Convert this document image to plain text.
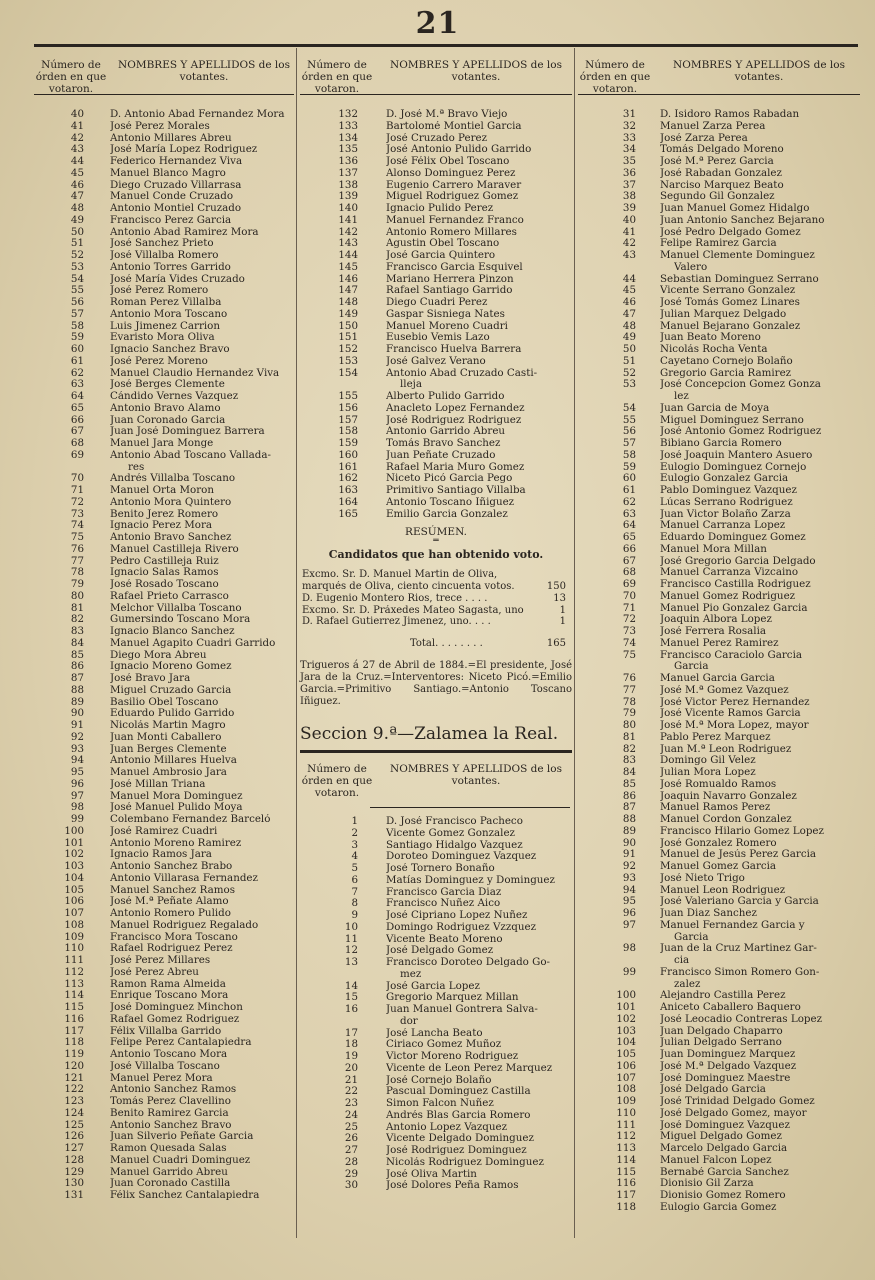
21
Número de órden en que votaron.
NOMBRES Y APELLIDOS de los votantes.
40	D. Antonio Abad Fernandez Mora
41	José Perez Morales
42	Antonio Millares Abreu
43	José María Lopez Rodriguez
44	Federico Hernandez Viva
45	Manuel Blanco Magro
46	Diego Cruzado Villarrasa
47	Manuel Conde Cruzado
48	Antonio Montiel Cruzado
49	Francisco Perez Garcia
50	Antonio Abad Ramirez Mora
51	José Sanchez Prieto
52	José Villalba Romero
53	Antonio Torres Garrido
54	José María Vides Cruzado
55	José Perez Romero
56	Roman Perez Villalba
57	Antonio Mora Toscano
58	Luis Jimenez Carrion
59	Evaristo Mora Oliva
60	Ignacio Sanchez Bravo
61	José Perez Moreno
62	Manuel Claudio Hernandez Viva
63	José Berges Clemente
64	Cándido Vernes Vazquez
65	Antonio Bravo Alamo
66	Juan Coronado Garcia
67	Juan José Dominguez Barrera
68	Manuel Jara Monge
69	Antonio Abad Toscano Vallada-
res
70	Andrés Villalba Toscano
71	Manuel Orta Moron
72	Antonio Mora Quintero
73	Benito Jerez Romero
74	Ignacio Perez Mora
75	Antonio Bravo Sanchez
76	Manuel Castilleja Rivero
77	Pedro Castilleja Ruiz
78	Ignacio Salas Ramos
79	José Rosado Toscano
80	Rafael Prieto Carrasco
81	Melchor Villalba Toscano
82	Gumersindo Toscano Mora
83	Ignacio Blanco Sanchez
84	Manuel Agapito Cuadri Garrido
85	Diego Mora Abreu
86	Ignacio Moreno Gomez
87	José Bravo Jara
88	Miguel Cruzado Garcia
89	Basilio Obel Toscano
90	Eduardo Pulido Garrido
91	Nicolás Martin Magro
92	Juan Monti Caballero
93	Juan Berges Clemente
94	Antonio Millares Huelva
95	Manuel Ambrosio Jara
96	José Millan Triana
97	Manuel Mora Dominguez
98	José Manuel Pulido Moya
99	Colembano Fernandez Barceló
100	José Ramirez Cuadri
101	Antonio Moreno Ramirez
102	Ignacio Ramos Jara
103	Antonio Sanchez Brabo
104	Antonio Villarasa Fernandez
105	Manuel Sanchez Ramos
106	José M.ª Peñate Alamo
107	Antonio Romero Pulido
108	Manuel Rodriguez Regalado
109	Francisco Mora Toscano
110	Rafael Rodriguez Perez
111	José Perez Millares
112	José Perez Abreu
113	Ramon Rama Almeida
114	Enrique Toscano Mora
115	José Dominguez Minchon
116	Rafael Gomez Rodriguez
117	Félix Villalba Garrido
118	Felipe Perez Cantalapiedra
119	Antonio Toscano Mora
120	José Villalba Toscano
121	Manuel Perez Mora
122	Antonio Sanchez Ramos
123	Tomás Perez Clavellino
124	Benito Ramirez Garcia
125	Antonio Sanchez Bravo
126	Juan Silverio Peñate Garcia
127	Ramon Quesada Salas
128	Manuel Cuadri Dominguez
129	Manuel Garrido Abreu
130	Juan Coronado Castilla
131	Félix Sanchez Cantalapiedra
Número de órden en que votaron.
NOMBRES Y APELLIDOS de los votantes.
132	D. José M.ª Bravo Viejo
133	Bartolomé Montiel Garcia
134	José Cruzado Perez
135	José Antonio Pulido Garrido
136	José Félix Obel Toscano
137	Alonso Dominguez Perez
138	Eugenio Carrero Maraver
139	Miguel Rodriguez Gomez
140	Ignacio Pulido Perez
141	Manuel Fernandez Franco
142	Antonio Romero Millares
143	Agustin Obel Toscano
144	José Garcia Quintero
145	Francisco Garcia Esquivel
146	Mariano Herrera Pinzon
147	Rafael Santiago Garrido
148	Diego Cuadri Perez
149	Gaspar Sisniega Nates
150	Manuel Moreno Cuadri
151	Eusebio Vemis Lazo
152	Francisco Huelva Barrera
153	José Galvez Verano
154	Antonio Abad Cruzado Casti-
lleja
155	Alberto Pulido Garrido
156	Anacleto Lopez Fernandez
157	José Rodriguez Rodriguez
158	Antonio Garrido Abreu
159	Tomás Bravo Sanchez
160	Juan Peñate Cruzado
161	Rafael Maria Muro Gomez
162	Niceto Picó Garcia Pego
163	Primitivo Santiago Villalba
164	Antonio Toscano Iñiguez
165	Emilio Garcia Gonzalez
RESÚMEN.
═
Candidatos que han obtenido voto.
Excmo. Sr. D. Manuel Martin de Oliva,
marqués de Oliva, ciento cincuenta votos.	150
D. Eugenio Montero Rios, trece . . . .	13
Excmo. Sr. D. Práxedes Mateo Sagasta, uno	1
D. Rafael Gutierrez Jimenez, uno. . . .	1
Total. . . . . . . .	165
Trigueros á 27 de Abril de 1884.=El presidente, José Jara de la Cruz.=Interventores: Niceto Picó.=Emilio Garcia.=Primitivo Santiago.=Antonio Toscano Iñiguez.
Seccion 9.ª—Zalamea la Real.
Número de órden en que votaron.
NOMBRES Y APELLIDOS de los votantes.
1	D. José Francisco Pacheco
2	Vicente Gomez Gonzalez
3	Santiago Hidalgo Vazquez
4	Doroteo Dominguez Vazquez
5	José Tornero Bonaño
6	Matías Dominguez y Dominguez
7	Francisco Garcia Diaz
8	Francisco Nuñez Aico
9	José Cipriano Lopez Nuñez
10	Domingo Rodriguez Vzzquez
11	Vicente Beato Moreno
12	José Delgado Gomez
13	Francisco Doroteo Delgado Go-
mez
14	José Garcia Lopez
15	Gregorio Marquez Millan
16	Juan Manuel Gontrera Salva-
dor
17	José Lancha Beato
18	Ciriaco Gomez Muñoz
19	Victor Moreno Rodriguez
20	Vicente de Leon Perez Marquez
21	José Cornejo Bolaño
22	Pascual Dominguez Castilla
23	Simon Falcon Nuñez
24	Andrés Blas Garcia Romero
25	Antonio Lopez Vazquez
26	Vicente Delgado Dominguez
27	José Rodriguez Dominguez
28	Nicolás Rodriguez Dominguez
29	José Oliva Martin
30	José Dolores Peña Ramos
Número de órden en que votaron.
NOMBRES Y APELLIDOS de los votantes.
31 D. Isidoro Ramos Rabadan
32 Manuel Zarza Perea
33 José Zarza Perea
34 Tomás Delgado Moreno
35 José M.ª Perez Garcia
36 José Rabadan Gonzalez
37 Narciso Marquez Beato
38 Segundo Gil Gonzalez
39 Juan Manuel Gomez Hidalgo
40 Juan Antonio Sanchez Bejarano
41 José Pedro Delgado Gomez
42 Felipe Ramirez Garcia
43 Manuel Clemente Dominguez
Valero
44 Sebastian Dominguez Serrano
45 Vicente Serrano Gonzalez
46 José Tomás Gomez Linares
47 Julian Marquez Delgado
48 Manuel Bejarano Gonzalez
49 Juan Beato Moreno
50 Nicolás Rocha Venta
51 Cayetano Cornejo Bolaño
52 Gregorio Garcia Ramirez
53 José Concepcion Gomez Gonza
lez
54 Juan Garcia de Moya
55 Miguel Dominguez Serrano
56 José Antonio Gomez Rodriguez
57 Bibiano Garcia Romero
58 José Joaquin Mantero Asuero
59 Eulogio Dominguez Cornejo
60 Eulogio Gonzalez Garcia
61 Pablo Dominguez Vazquez
62 Lúcas Serrano Rodriguez
63 Juan Victor Bolaño Zarza
64 Manuel Carranza Lopez
65 Eduardo Dominguez Gomez
66 Manuel Mora Millan
67 José Gregorio Garcia Delgado
68 Manuel Carranza Vizcaino
69 Francisco Castilla Rodriguez
70 Manuel Gomez Rodriguez
71 Manuel Pio Gonzalez Garcia
72 Joaquin Albora Lopez
73 José Ferrera Rosalia
74 Manuel Perez Ramirez
75 Francisco Caraciolo Garcia
Garcia
76 Manuel Garcia Garcia
77 José M.ª Gomez Vazquez
78 José Victor Perez Hernandez
79 José Vicente Ramos Garcia
80 José M.ª Mora Lopez, mayor
81 Pablo Perez Marquez
82 Juan M.ª Leon Rodriguez
83 Domingo Gil Velez
84 Julian Mora Lopez
85 José Romualdo Ramos
86 Joaquin Navarro Gonzalez
87 Manuel Ramos Perez
88 Manuel Cordon Gonzalez
89 Francisco Hilario Gomez Lopez
90 José Gonzalez Romero
91 Manuel de Jesús Perez Garcia
92 Manuel Gomez Garcia
93 José Nieto Trigo
94 Manuel Leon Rodriguez
95 José Valeriano Garcia y Garcia
96 Juan Diaz Sanchez
97 Manuel Fernandez Garcia y
Garcia
98 Juan de la Cruz Martinez Gar-
cia
99 Francisco Simon Romero Gon-
zalez
100 Alejandro Castilla Perez
101 Aniceto Caballero Baquero
102 José Leocadio Contreras Lopez
103 Juan Delgado Chaparro
104 Julian Delgado Serrano
105 Juan Dominguez Marquez
106 José M.ª Delgado Vazquez
107 José Dominguez Maestre
108 José Delgado Garcia
109 José Trinidad Delgado Gomez
110 José Delgado Gomez, mayor
111 José Dominguez Vazquez
112 Miguel Delgado Gomez
113 Marcelo Delgado Garcia
114 Manuel Falcon Lopez
115 Bernabé Garcia Sanchez
116 Dionisio Gil Zarza
117 Dionisio Gomez Romero
118 Eulogio Garcia Gomez
